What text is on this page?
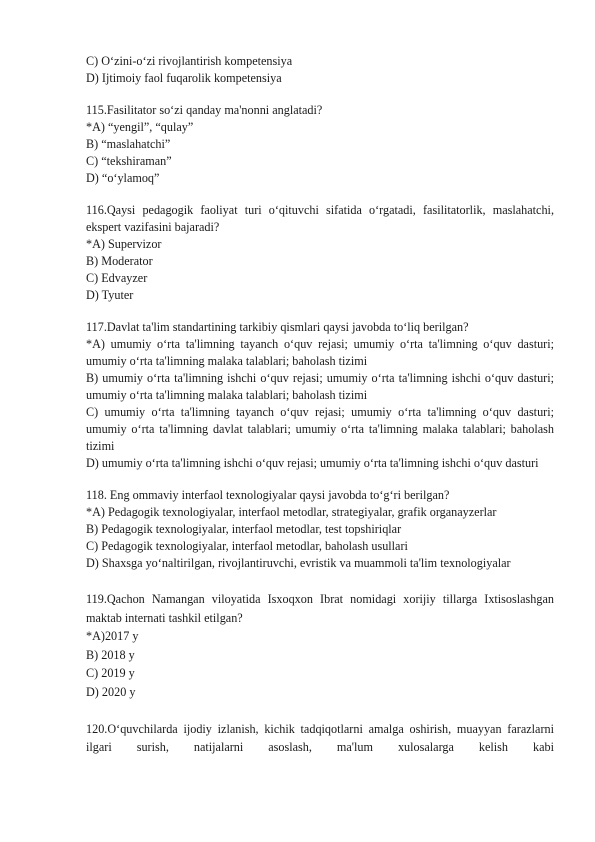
C) O‘zini-o‘zi rivojlantirish kompetensiya

D) Ijtimoiy faol fuqarolik kompetensiya

115.Fasilitator so‘zi qanday ma'nonni anglatadi?

*A) “yengil”, “qulay”

B) “maslahatchi”

C) “tekshiraman”

D) “o‘ylamoq”

116.Qaysi pedagogik faoliyat turi o‘qituvchi sifatida o‘rgatadi, fasilitatorlik, maslahatchi, ekspert vazifasini bajaradi?

*A) Supervizor

B) Moderator

C) Edvayzer

D) Tyuter

117.Davlat ta'lim standartining tarkibiy qismlari qaysi javobda to‘liq berilgan?

*A) umumiy o‘rta ta'limning tayanch o‘quv rejasi; umumiy o‘rta ta'limning o‘quv dasturi; umumiy o‘rta ta'limning malaka talablari; baholash tizimi

B) umumiy o‘rta ta'limning ishchi o‘quv rejasi; umumiy o‘rta ta'limning ishchi o‘quv dasturi; umumiy o‘rta ta'limning malaka talablari; baholash tizimi

C) umumiy o‘rta ta'limning tayanch o‘quv rejasi; umumiy o‘rta ta'limning o‘quv dasturi; umumiy o‘rta ta'limning davlat talablari; umumiy o‘rta ta'limning malaka talablari; baholash tizimi

D) umumiy o‘rta ta'limning ishchi o‘quv rejasi; umumiy o‘rta ta'limning ishchi o‘quv dasturi

118. Eng ommaviy interfaol texnologiyalar qaysi javobda to‘g‘ri berilgan?

*A) Pedagogik texnologiyalar, interfaol metodlar, strategiyalar, grafik organayzerlar

B) Pedagogik texnologiyalar, interfaol metodlar, test topshiriqlar

C) Pedagogik texnologiyalar, interfaol metodlar, baholash usullari

D) Shaxsga yo‘naltirilgan, rivojlantiruvchi, evristik va muammoli ta'lim texnologiyalar

119.Qachon Namangan viloyatida Isxoqxon Ibrat nomidagi xorijiy tillarga Ixtisoslashgan maktab internati tashkil etilgan?

*A)2017 y

B) 2018 y

C) 2019 y

D) 2020 y

120.O‘quvchilarda ijodiy izlanish, kichik tadqiqotlarni amalga oshirish, muayyan farazlarni ilgari surish, natijalarni asoslash, ma'lum xulosalarga kelish kabi
